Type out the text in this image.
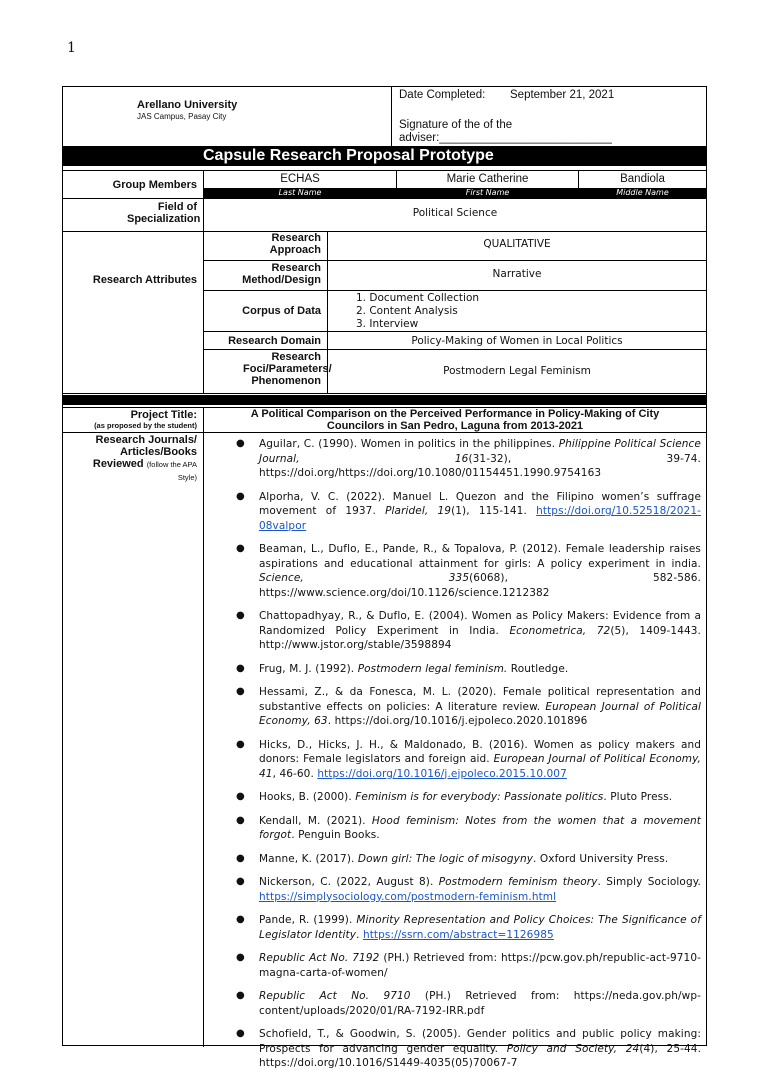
1
Arellano University
JAS Campus, Pasay City
Date Completed: September 21, 2021
Signature of the of the
adviser:___________________________
Capsule Research Proposal Prototype
Group Members	ECHAS	Marie Catherine	Bandiola
Last Name	First Name	Middle Name
Field of Specialization	Political Science
Research Attributes
Research Approach	QUALITATIVE
Research Method/Design	Narrative
Corpus of Data
1. Document Collection
2. Content Analysis
3. Interview
Research Domain	Policy-Making of Women in Local Politics
Research Foci/Parameters/ Phenomenon
Postmodern Legal Feminism
Project Title:
(as proposed by the student)
A Political Comparison on the Perceived Performance in Policy-Making of City
Councilors in San Pedro, Laguna from 2013-2021
Research Journals/ Articles/Books Reviewed (follow the APA Style)
● Aguilar, C. (1990). Women in politics in the philippines. Philippine Political Science Journal, 16(31-32), 39-74. https://doi.org/https://doi.org/10.1080/01154451.1990.9754163
● Alporha, V. C. (2022). Manuel L. Quezon and the Filipino women’s suffrage movement of 1937. Plaridel, 19(1), 115-141. https://doi.org/10.52518/2021-08valpor
● Beaman, L., Duflo, E., Pande, R., & Topalova, P. (2012). Female leadership raises aspirations and educational attainment for girls: A policy experiment in india. Science, 335(6068), 582-586. https://www.science.org/doi/10.1126/science.1212382
● Chattopadhyay, R., & Duflo, E. (2004). Women as Policy Makers: Evidence from a Randomized Policy Experiment in India. Econometrica, 72(5), 1409-1443. http://www.jstor.org/stable/3598894
● Frug, M. J. (1992). Postmodern legal feminism. Routledge.
● Hessami, Z., & da Fonesca, M. L. (2020). Female political representation and substantive effects on policies: A literature review. European Journal of Political Economy, 63. https://doi.org/10.1016/j.ejpoleco.2020.101896
● Hicks, D., Hicks, J. H., & Maldonado, B. (2016). Women as policy makers and donors: Female legislators and foreign aid. European Journal of Political Economy, 41, 46-60. https://doi.org/10.1016/j.ejpoleco.2015.10.007
● Hooks, B. (2000). Feminism is for everybody: Passionate politics. Pluto Press.
● Kendall, M. (2021). Hood feminism: Notes from the women that a movement forgot. Penguin Books.
● Manne, K. (2017). Down girl: The logic of misogyny. Oxford University Press.
● Nickerson, C. (2022, August 8). Postmodern feminism theory. Simply Sociology. https://simplysociology.com/postmodern-feminism.html
● Pande, R. (1999). Minority Representation and Policy Choices: The Significance of Legislator Identity. https://ssrn.com/abstract=1126985
● Republic Act No. 7192 (PH.) Retrieved from: https://pcw.gov.ph/republic-act-9710-magna-carta-of-women/
● Republic Act No. 9710 (PH.) Retrieved from: https://neda.gov.ph/wp-content/uploads/2020/01/RA-7192-IRR.pdf
● Schofield, T., & Goodwin, S. (2005). Gender politics and public policy making: Prospects for advancing gender equality. Policy and Society, 24(4), 25-44. https://doi.org/10.1016/S1449-4035(05)70067-7
